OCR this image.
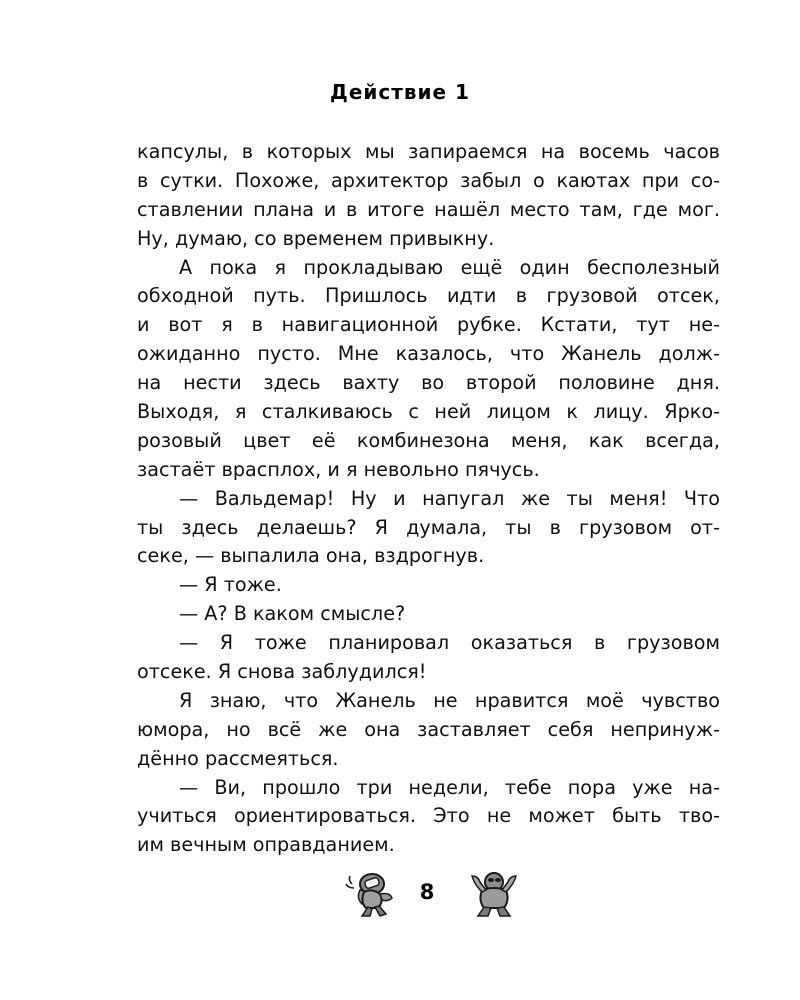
Действие 1
капсулы, в которых мы запираемся на восемь часов
в сутки. Похоже, архитектор забыл о каютах при со-
ставлении плана и в итоге нашёл место там, где мог.
Ну, думаю, со временем привыкну.
А пока я прокладываю ещё один бесполезный
обходной путь. Пришлось идти в грузовой отсек,
и вот я в навигационной рубке. Кстати, тут не-
ожиданно пусто. Мне казалось, что Жанель долж-
на нести здесь вахту во второй половине дня.
Выходя, я сталкиваюсь с ней лицом к лицу. Ярко-
розовый цвет её комбинезона меня, как всегда,
застаёт врасплох, и я невольно пячусь.
— Вальдемар! Ну и напугал же ты меня! Что
ты здесь делаешь? Я думала, ты в грузовом от-
секе, — выпалила она, вздрогнув.
— Я тоже.
— А? В каком смысле?
— Я тоже планировал оказаться в грузовом
отсеке. Я снова заблудился!
Я знаю, что Жанель не нравится моё чувство
юмора, но всё же она заставляет себя непринуж-
дённо рассмеяться.
— Ви, прошло три недели, тебе пора уже на-
учиться ориентироваться. Это не может быть тво-
им вечным оправданием.
8
